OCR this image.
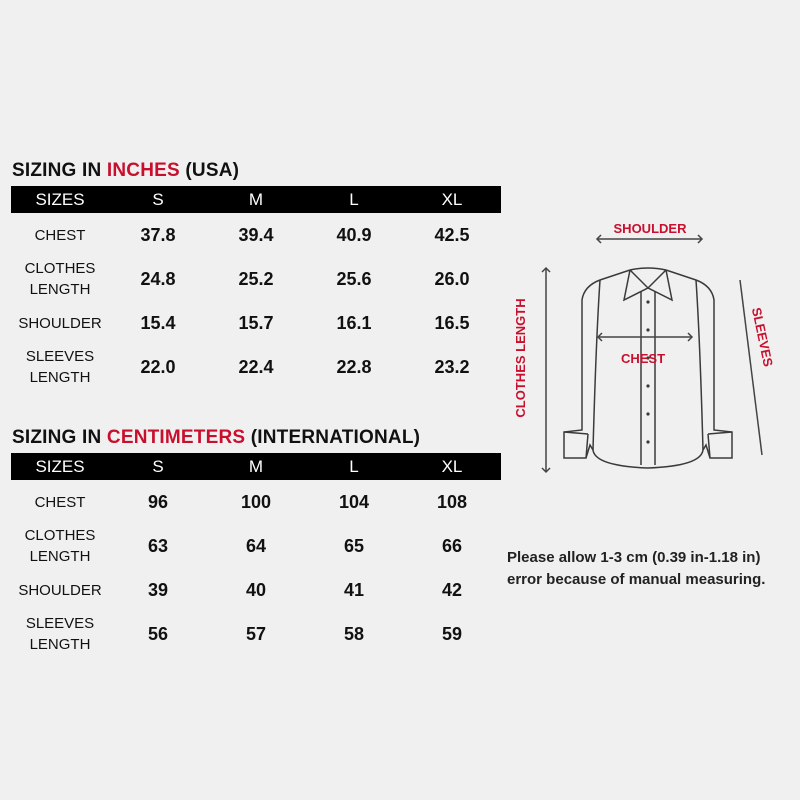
SIZING IN INCHES (USA)
SIZES	S	M	L	XL

CHEST	37.8	39.4	40.9	42.5

CLOTHES
LENGTH	24.8	25.2	25.6	26.0

SHOULDER	15.4	15.7	16.1	16.5

SLEEVES
LENGTH	22.0	22.4	22.8	23.2
SIZING IN CENTIMETERS (INTERNATIONAL)
SIZES	S	M	L	XL

CHEST	96	100	104	108

CLOTHES
LENGTH	63	64	65	66

SHOULDER	39	40	41	42

SLEEVES
LENGTH	56	57	58	59
SHOULDER
CLOTHES LENGTH	SLEEVES
CHEST
Please allow 1-3 cm (0.39 in-1.18 in) error because of manual measuring.
